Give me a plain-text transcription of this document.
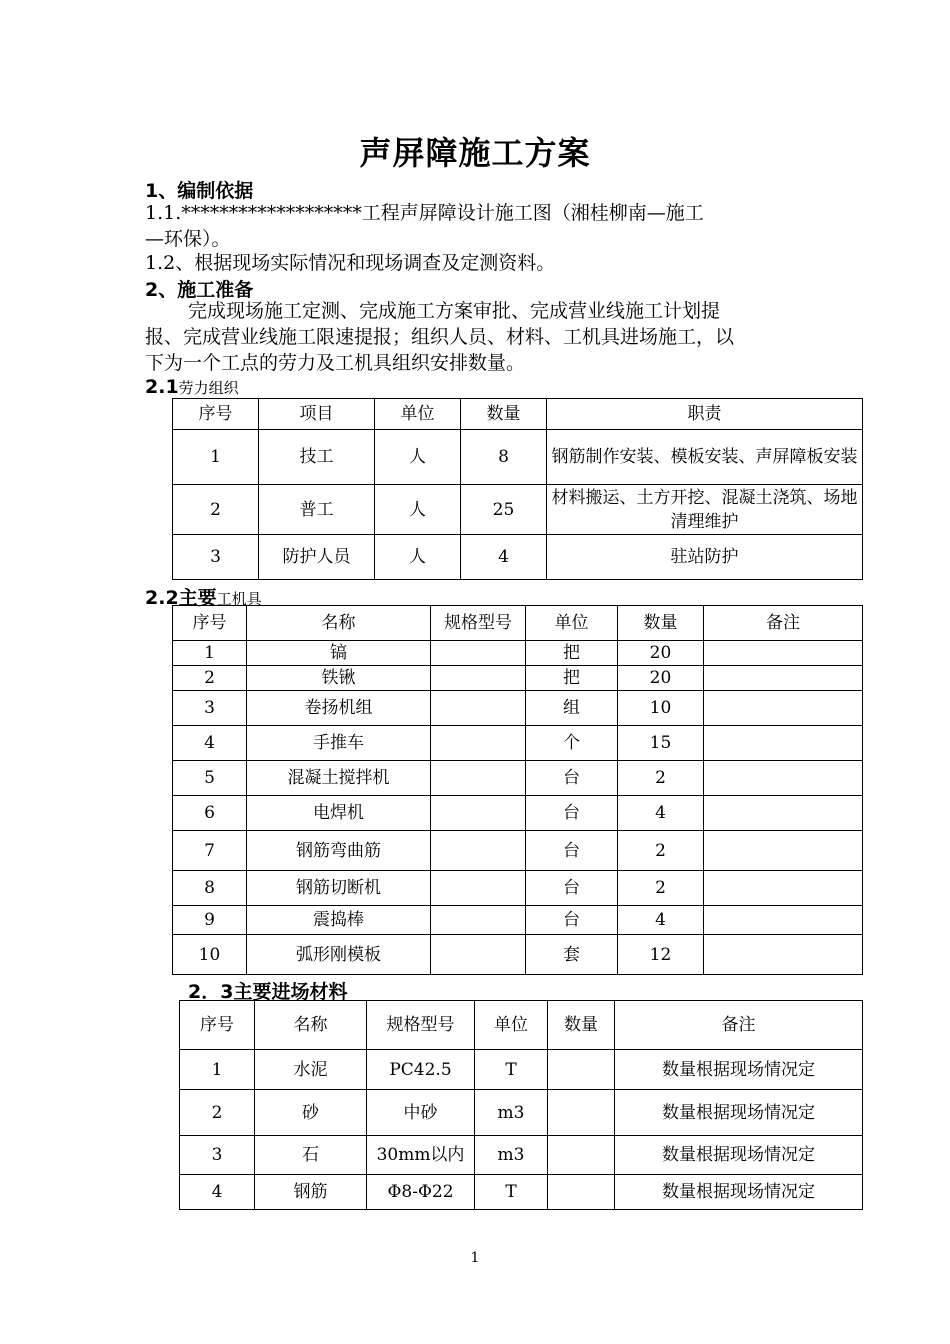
声屏障施工方案
1、编制依据
1.1.*******************工程声屏障设计施工图（湘桂柳南—施工
—环保）。
1.2、根据现场实际情况和现场调查及定测资料。
2、施工准备
完成现场施工定测、完成施工方案审批、完成营业线施工计划提
报、完成营业线施工限速提报；组织人员、材料、工机具进场施工，以
下为一个工点的劳力及工机具组织安排数量。
2.1劳力组织
序号	项目	单位	数量	职责
1	技工	人	8	钢筋制作安装、模板安装、声屏障板安装
2	普工	人	25	材料搬运、土方开挖、混凝土浇筑、场地清理维护
3	防护人员	人	4	驻站防护
2.2主要工机具
序号	名称	规格型号	单位	数量	备注
1	镐		把	20	
2	铁锹		把	20	
3	卷扬机组		组	10	
4	手推车		个	15	
5	混凝土搅拌机		台	2	
6	电焊机		台	4	
7	钢筋弯曲筋		台	2	
8	钢筋切断机		台	2	
9	震捣棒		台	4	
10	弧形刚模板		套	12	
2．3主要进场材料
序号	名称	规格型号	单位	数量	备注
1	水泥	PC42.5	T		数量根据现场情况定
2	砂	中砂	m3		数量根据现场情况定
3	石	30mm以内	m3		数量根据现场情况定
4	钢筋	Φ8-Φ22	T		数量根据现场情况定
1
